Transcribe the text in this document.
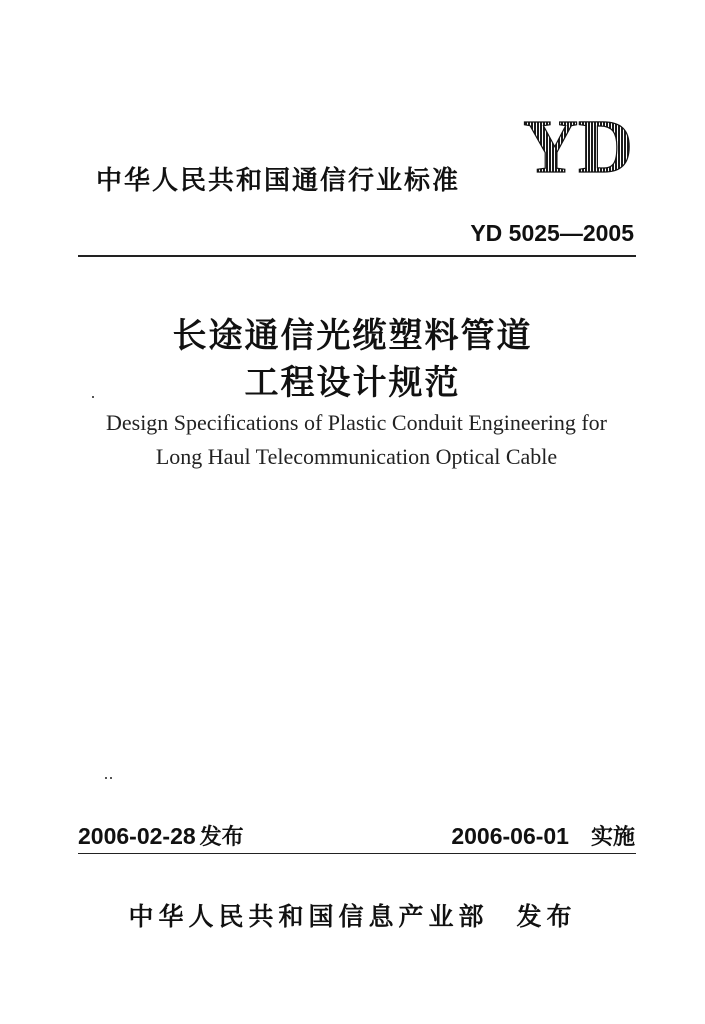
YD
中华人民共和国通信行业标准
YD 5025—2005
长途通信光缆塑料管道
工程设计规范
Design Specifications of Plastic Conduit Engineering for
Long Haul Telecommunication Optical Cable
2006-02-28 发布	2006-06-01 实施
中华人民共和国信息产业部 发布
